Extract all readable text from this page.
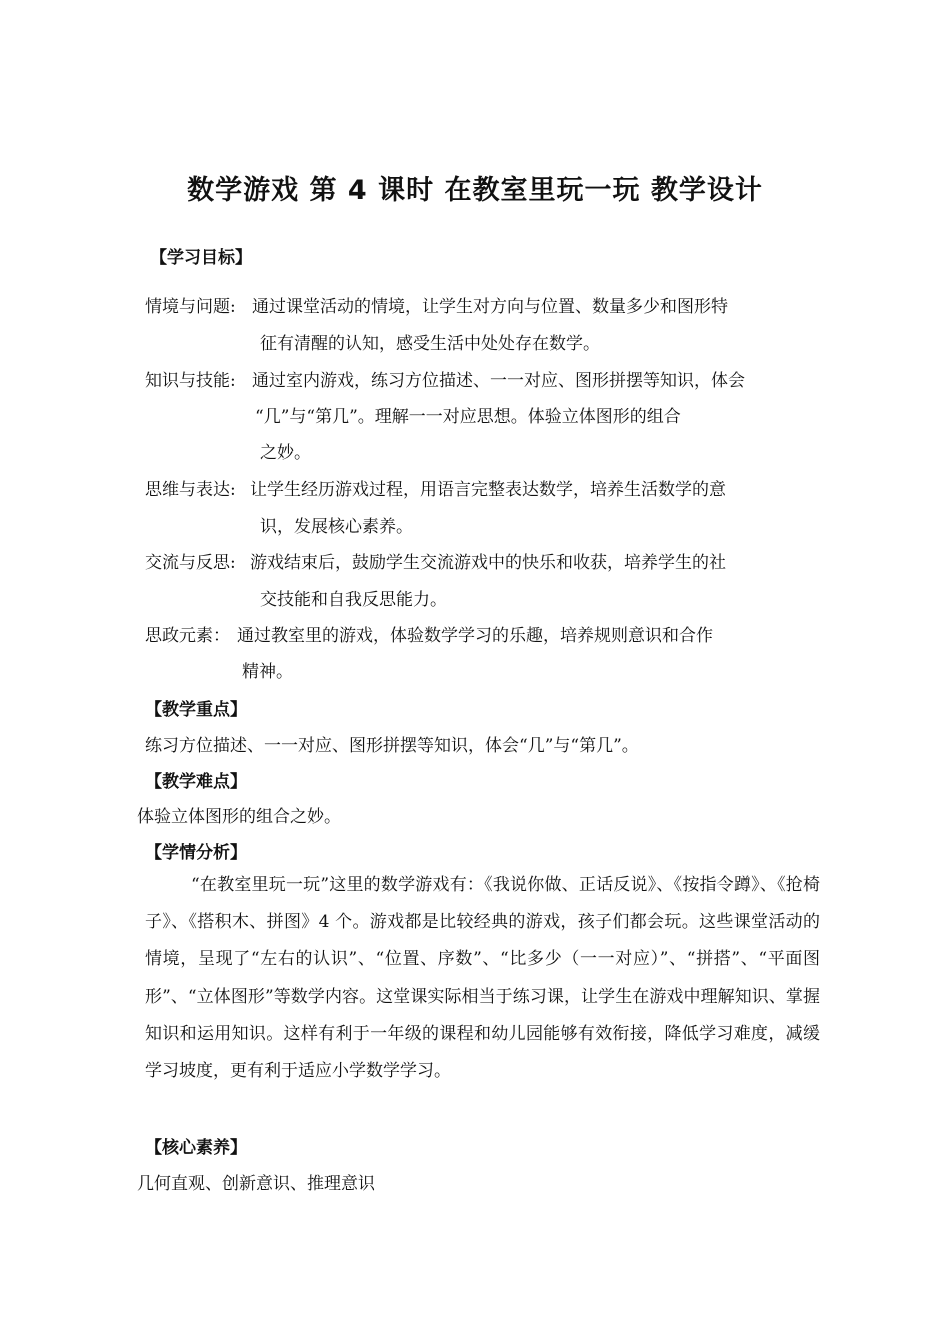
数学游戏 第 4 课时 在教室里玩一玩 教学设计
【学习目标】
情境与问题: 通过课堂活动的情境，让学生对方向与位置、数量多少和图形特
征有清醒的认知，感受生活中处处存在数学。
知识与技能: 通过室内游戏，练习方位描述、一一对应、图形拼摆等知识，体会
“几”与“第几”。理解一一对应思想。体验立体图形的组合
之妙。
思维与表达: 让学生经历游戏过程，用语言完整表达数学，培养生活数学的意
识，发展核心素养。
交流与反思: 游戏结束后，鼓励学生交流游戏中的快乐和收获，培养学生的社
交技能和自我反思能力。
思政元素： 通过教室里的游戏，体验数学学习的乐趣，培养规则意识和合作
精神。
【教学重点】
练习方位描述、一一对应、图形拼摆等知识，体会“几”与“第几”。
【教学难点】
体验立体图形的组合之妙。
【学情分析】
“在教室里玩一玩”这里的数学游戏有：《我说你做、正话反说》、《按指令蹲》、《抢椅子》、《搭积木、拼图》4 个。游戏都是比较经典的游戏，孩子们都会玩。这些课堂活动的情境，呈现了“左右的认识”、“位置、序数”、“比多少（一一对应）”、“拼搭”、“平面图形”、“立体图形”等数学内容。这堂课实际相当于练习课，让学生在游戏中理解知识、掌握知识和运用知识。这样有利于一年级的课程和幼儿园能够有效衔接，降低学习难度，减缓学习坡度，更有利于适应小学数学学习。
【核心素养】
几何直观、创新意识、推理意识
